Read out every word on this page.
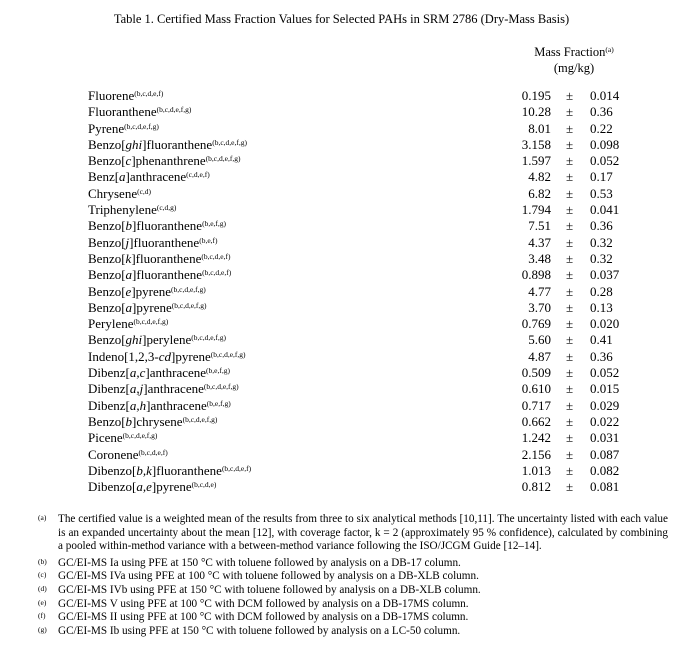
Table 1. Certified Mass Fraction Values for Selected PAHs in SRM 2786 (Dry-Mass Basis)
Mass Fraction$^{(a)}$
(mg/kg)
Fluorene$^{(b,c,d,e,f)}$	0.195 ± 0.014
Fluoranthene$^{(b,c,d,e,f,g)}$	10.28 ± 0.36
Pyrene$^{(b,c,d,e,f,g)}$	8.01 ± 0.22
Benzo[ghi]fluoranthene$^{(b,c,d,e,f,g)}$	3.158 ± 0.098
Benzo[c]phenanthrene$^{(b,c,d,e,f,g)}$	1.597 ± 0.052
Benz[a]anthracene$^{(c,d,e,f)}$	4.82 ± 0.17
Chrysene$^{(c,d)}$	6.82 ± 0.53
Triphenylene$^{(c,d,g)}$	1.794 ± 0.041
Benzo[b]fluoranthene$^{(b,e,f,g)}$	7.51 ± 0.36
Benzo[j]fluoranthene$^{(b,e,f)}$	4.37 ± 0.32
Benzo[k]fluoranthene$^{(b,c,d,e,f)}$	3.48 ± 0.32
Benzo[a]fluoranthene$^{(b,c,d,e,f)}$	0.898 ± 0.037
Benzo[e]pyrene$^{(b,c,d,e,f,g)}$	4.77 ± 0.28
Benzo[a]pyrene$^{(b,c,d,e,f,g)}$	3.70 ± 0.13
Perylene$^{(b,c,d,e,f,g)}$	0.769 ± 0.020
Benzo[ghi]perylene$^{(b,c,d,e,f,g)}$	5.60 ± 0.41
Indeno[1,2,3-cd]pyrene$^{(b,c,d,e,f,g)}$	4.87 ± 0.36
Dibenz[a,c]anthracene$^{(b,e,f,g)}$	0.509 ± 0.052
Dibenz[a,j]anthracene$^{(b,c,d,e,f,g)}$	0.610 ± 0.015
Dibenz[a,h]anthracene$^{(b,e,f,g)}$	0.717 ± 0.029
Benzo[b]chrysene$^{(b,c,d,e,f,g)}$	0.662 ± 0.022
Picene$^{(b,c,d,e,f,g)}$	1.242 ± 0.031
Coronene$^{(b,c,d,e,f)}$	2.156 ± 0.087
Dibenzo[b,k]fluoranthene$^{(b,c,d,e,f)}$	1.013 ± 0.082
Dibenzo[a,e]pyrene$^{(b,c,d,e)}$	0.812 ± 0.081
(a) The certified value is a weighted mean of the results from three to six analytical methods [10,11]. The uncertainty listed with each value is an expanded uncertainty about the mean [12], with coverage factor, k = 2 (approximately 95 % confidence), calculated by combining a pooled within-method variance with a between-method variance following the ISO/JCGM Guide [12–14].
(b) GC/EI-MS Ia using PFE at 150 °C with toluene followed by analysis on a DB-17 column.
(c) GC/EI-MS IVa using PFE at 100 °C with toluene followed by analysis on a DB-XLB column.
(d) GC/EI-MS IVb using PFE at 150 °C with toluene followed by analysis on a DB-XLB column.
(e) GC/EI-MS V using PFE at 100 °C with DCM followed by analysis on a DB-17MS column.
(f) GC/EI-MS II using PFE at 100 °C with DCM followed by analysis on a DB-17MS column.
(g) GC/EI-MS Ib using PFE at 150 °C with toluene followed by analysis on a LC-50 column.
